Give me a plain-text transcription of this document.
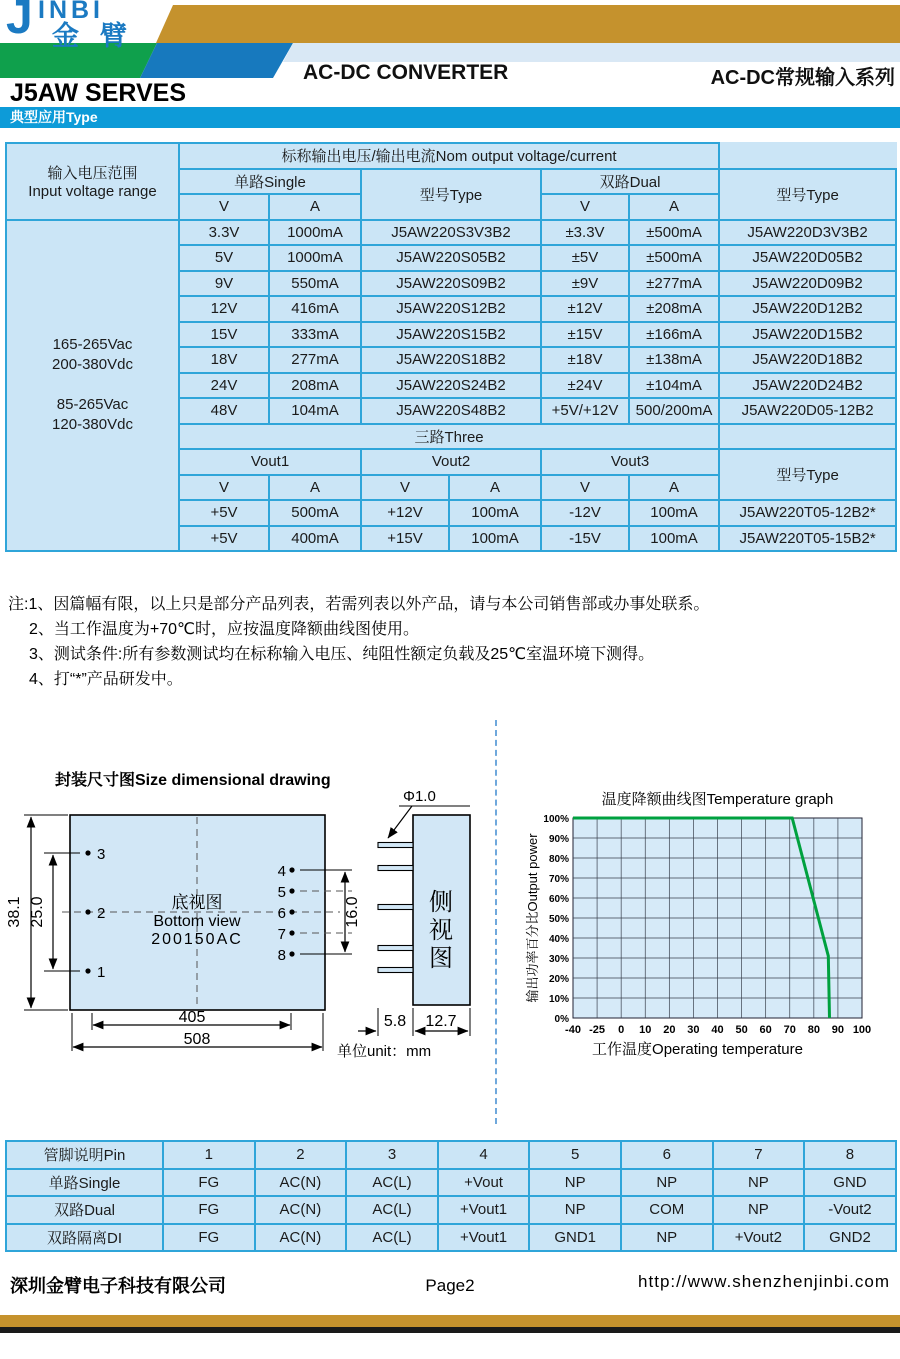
J INBI
金臂
AC-DC CONVERTER	AC-DC常规输入系列
J5AW SERVES
典型应用Type
输入电压范围
Input voltage range	标称输出电压/输出电流Nom output voltage/current						
	单路Single		型号Type		双路Dual		型号Type
	V	A			V	A	
165-265Vac
200-380Vdc

85-265Vac
120-380Vdc	3.3V	1000mA	J5AW220S3V3B2		±3.3V	±500mA	J5AW220D3V3B2
	5V	1000mA	J5AW220S05B2		±5V	±500mA	J5AW220D05B2
	9V	550mA	J5AW220S09B2		±9V	±277mA	J5AW220D09B2
	12V	416mA	J5AW220S12B2		±12V	±208mA	J5AW220D12B2
	15V	333mA	J5AW220S15B2		±15V	±166mA	J5AW220D15B2
	18V	277mA	J5AW220S18B2		±18V	±138mA	J5AW220D18B2
	24V	208mA	J5AW220S24B2		±24V	±104mA	J5AW220D24B2
	48V	104mA	J5AW220S48B2		+5V/+12V	500/200mA	J5AW220D05-12B2
	三路Three						
	Vout1		Vout2		Vout3		型号Type
	V	A	V	A	V	A	
	+5V	500mA	+12V	100mA	-12V	100mA	J5AW220T05-12B2*
	+5V	400mA	+15V	100mA	-15V	100mA	J5AW220T05-15B2*
注:1、因篇幅有限，以上只是部分产品列表，若需列表以外产品，请与本公司销售部或办事处联系。
2、当工作温度为+70℃时，应按温度降额曲线图使用。
3、测试条件:所有参数测试均在标称输入电压、纯阻性额定负载及25℃室温环境下测得。
4、打“*”产品研发中。
封装尺寸图Size dimensional drawing
3
2
1
4
5
6
7
8
底视图
Bottom view
200150AC
38.1 25.0
405
508
16.0	侧视图
Φ1.0
5.8 12.7
单位unit：mm
-40 -25 0 10 20 30 40 50 60 70 80 90 100
0%
10%
20%
30%
40%
50%
60%
70%
80%
90%
100%
温度降额曲线图Temperature graph
工作温度Operating temperature
输出功率百分比Output power
管脚说明Pin	1	2	3	4	5	6	7	8
单路Single	FG	AC(N)	AC(L)	+Vout	NP	NP	NP	GND
双路Dual	FG	AC(N)	AC(L)	+Vout1	NP	COM	NP	-Vout2
双路隔离DI	FG	AC(N)	AC(L)	+Vout1	GND1	NP	+Vout2	GND2
深圳金臂电子科技有限公司	Page2	http://www.shenzhenjinbi.com
